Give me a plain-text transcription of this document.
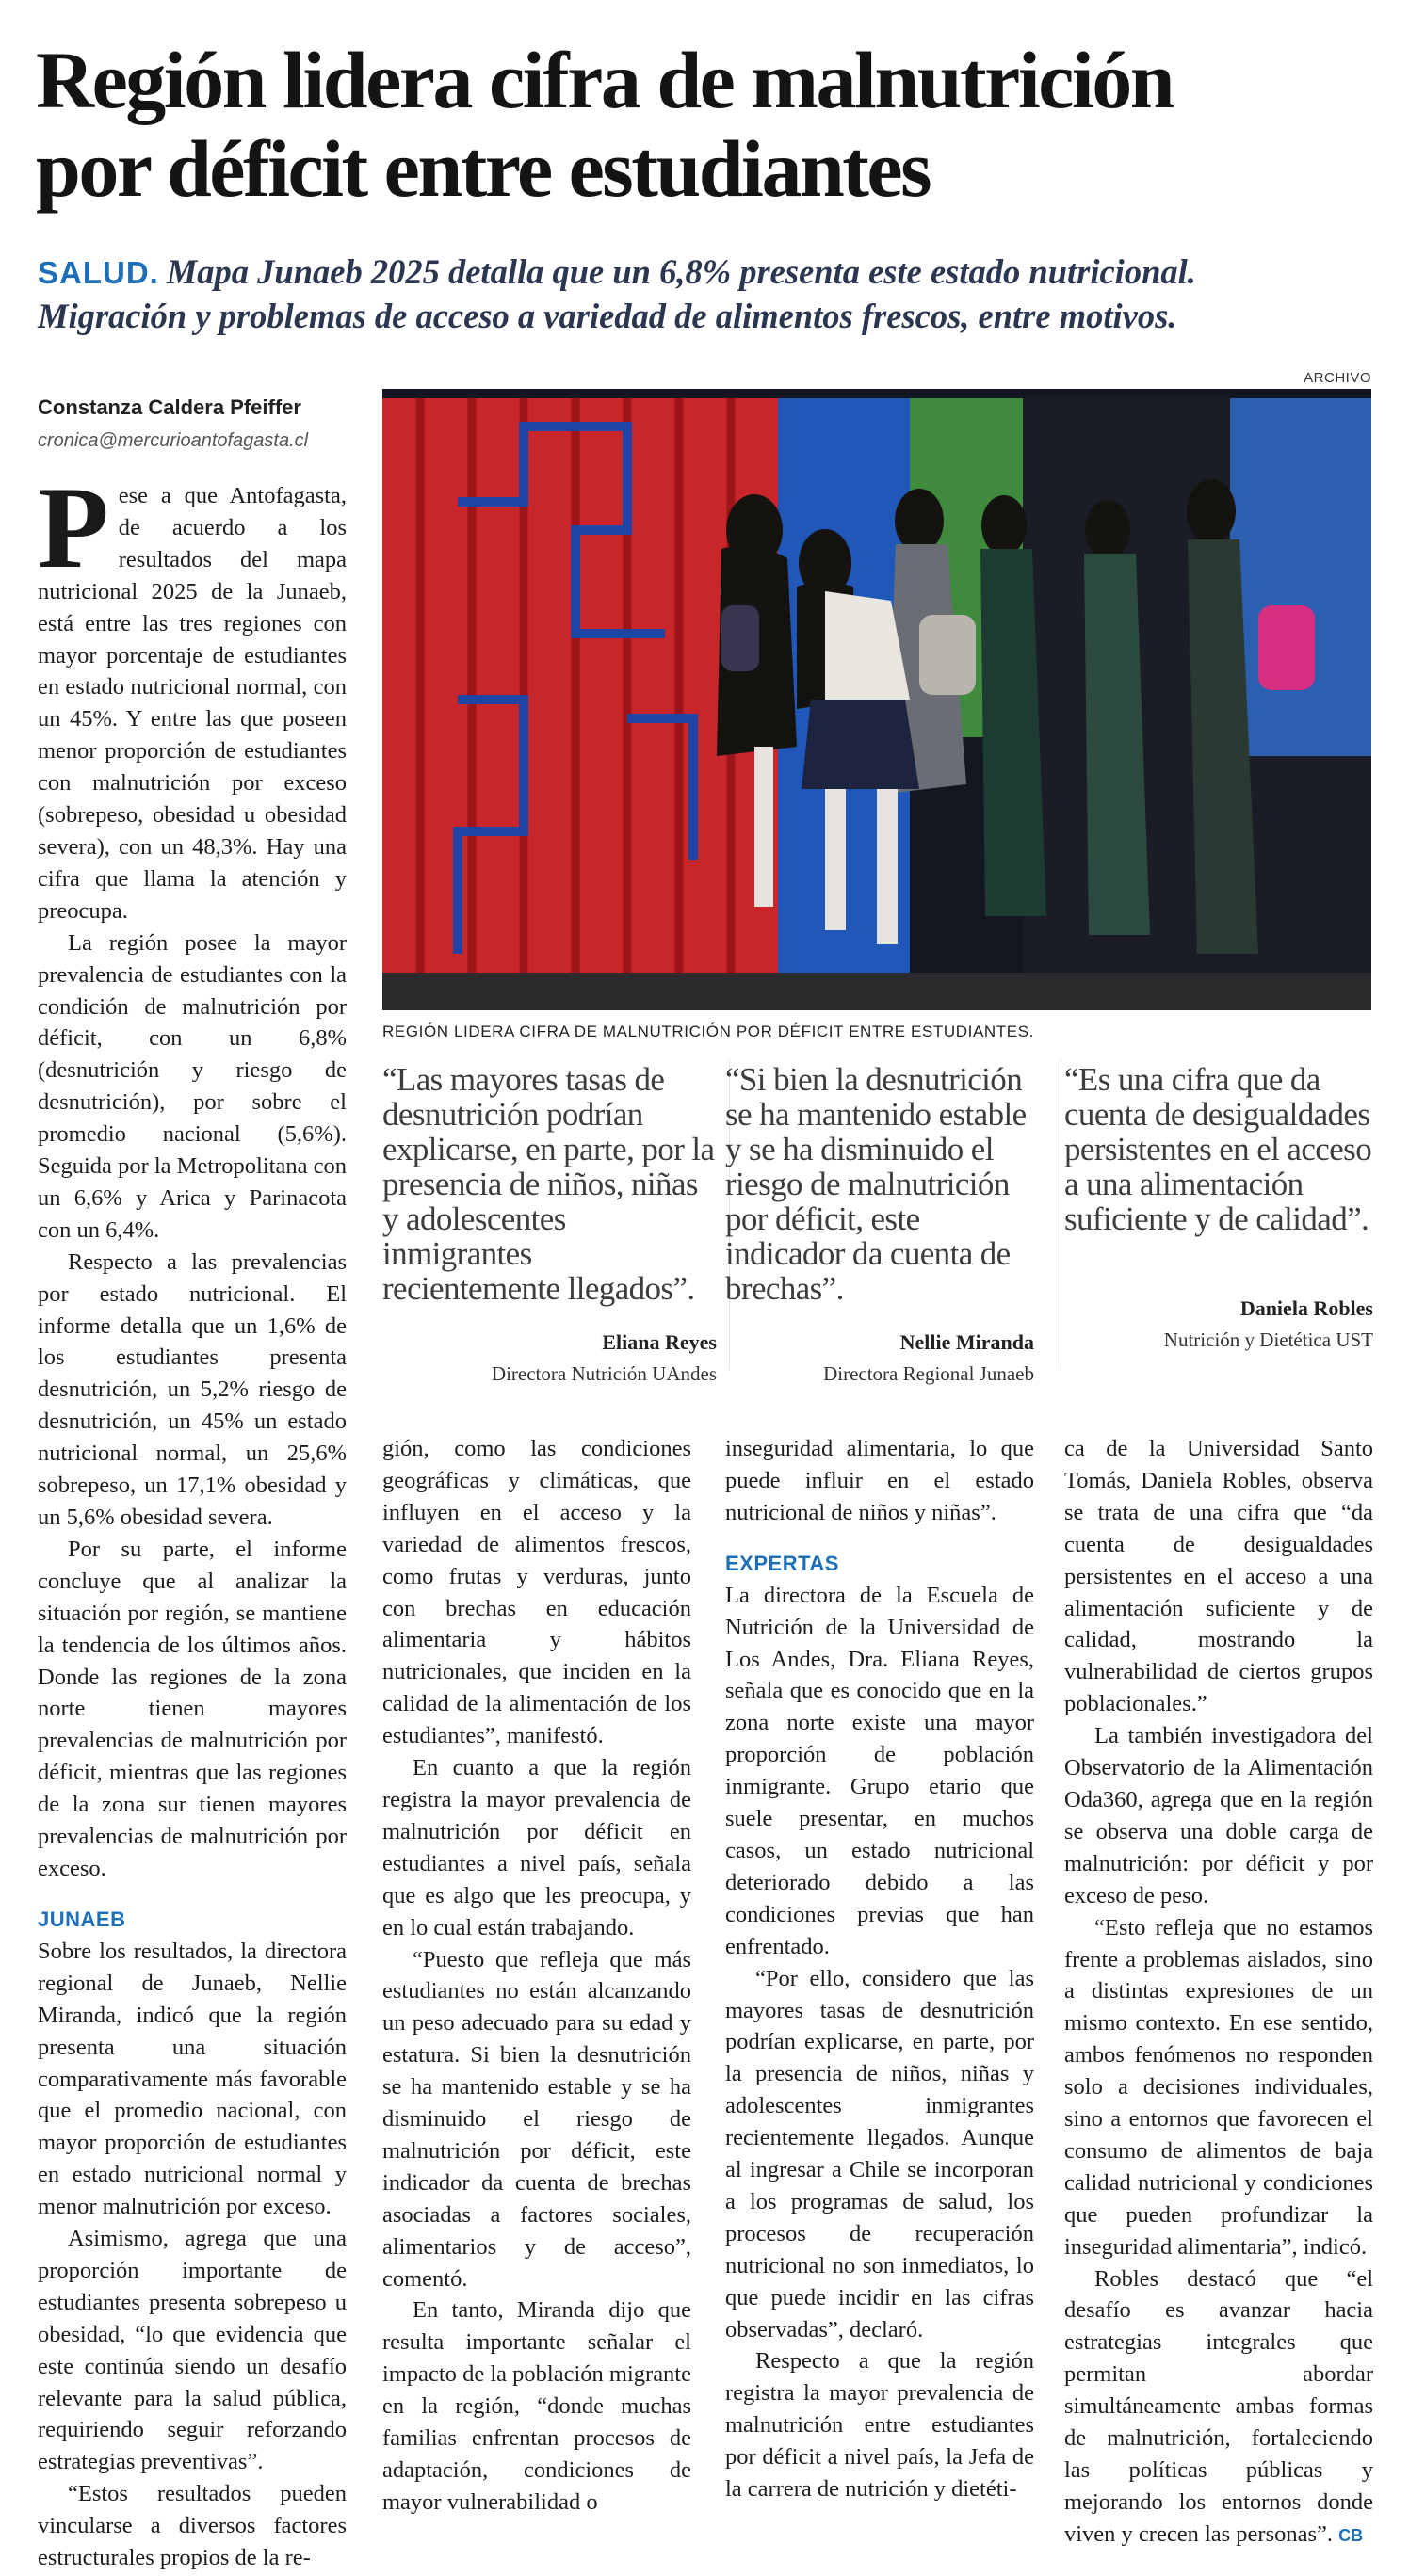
Región lidera cifra de malnutrición
por déficit entre estudiantes
SALUD. Mapa Junaeb 2025 detalla que un 6,8% presenta este estado nutricional.
Migración y problemas de acceso a variedad de alimentos frescos, entre motivos.
ARCHIVO
Constanza Caldera Pfeiffer
cronica@mercurioantofagasta.cl
REGIÓN LIDERA CIFRA DE MALNUTRICIÓN POR DÉFICIT ENTRE ESTUDIANTES.
“Las mayores tasas de desnutrición podrían explicarse, en parte, por la presencia de niños, niñas y adolescentes inmigrantes recientemente llegados”.
Eliana Reyes
Directora Nutrición UAndes
“Si bien la desnutrición se ha mantenido estable y se ha disminuido el riesgo de malnutrición por déficit, este indicador da cuenta de brechas”.
Nellie Miranda
Directora Regional Junaeb
“Es una cifra que da cuenta de desigualdades persistentes en el acceso a una alimentación suficiente y de calidad”.
Daniela Robles
Nutrición y Dietética UST

Pese a que Antofagasta, de acuerdo a los resultados del mapa nutricional 2025 de la Junaeb, está entre las tres regiones con mayor porcentaje de estudiantes en estado nutricional normal, con un 45%. Y entre las que poseen menor proporción de estudiantes con malnutrición por exceso (sobrepeso, obesidad u obesidad severa), con un 48,3%. Hay una cifra que llama la atención y preocupa.

La región posee la mayor prevalencia de estudiantes con la condición de malnutrición por déficit, con un 6,8% (desnutrición y riesgo de desnutrición), por sobre el promedio nacional (5,6%). Seguida por la Metropolitana con un 6,6% y Arica y Parinacota con un 6,4%.

Respecto a las prevalencias por estado nutricional. El informe detalla que un 1,6% de los estudiantes presenta desnutrición, un 5,2% riesgo de desnutrición, un 45% un estado nutricional normal, un 25,6% sobrepeso, un 17,1% obesidad y un 5,6% obesidad severa.

Por su parte, el informe concluye que al analizar la situación por región, se mantiene la tendencia de los últimos años. Donde las regiones de la zona norte tienen mayores prevalencias de malnutrición por déficit, mientras que las regiones de la zona sur tienen mayores prevalencias de malnutrición por exceso.

JUNAEB

Sobre los resultados, la directora regional de Junaeb, Nellie Miranda, indicó que la región presenta una situación comparativamente más favorable que el promedio nacional, con mayor proporción de estudiantes en estado nutricional normal y menor malnutrición por exceso.

Asimismo, agrega que una proporción importante de estudiantes presenta sobrepeso u obesidad, “lo que evidencia que este continúa siendo un desafío relevante para la salud pública, requiriendo seguir reforzando estrategias preventivas”.

“Estos resultados pueden vincularse a diversos factores estructurales propios de la re-

gión, como las condiciones geográficas y climáticas, que influyen en el acceso y la variedad de alimentos frescos, como frutas y verduras, junto con brechas en educación alimentaria y hábitos nutricionales, que inciden en la calidad de la alimentación de los estudiantes”, manifestó.

En cuanto a que la región registra la mayor prevalencia de malnutrición por déficit en estudiantes a nivel país, señala que es algo que les preocupa, y en lo cual están trabajando.

“Puesto que refleja que más estudiantes no están alcanzando un peso adecuado para su edad y estatura. Si bien la desnutrición se ha mantenido estable y se ha disminuido el riesgo de malnutrición por déficit, este indicador da cuenta de brechas asociadas a factores sociales, alimentarios y de acceso”, comentó.

En tanto, Miranda dijo que resulta importante señalar el impacto de la población migrante en la región, “donde muchas familias enfrentan procesos de adaptación, condiciones de mayor vulnerabilidad o

inseguridad alimentaria, lo que puede influir en el estado nutricional de niños y niñas”.

EXPERTAS

La directora de la Escuela de Nutrición de la Universidad de Los Andes, Dra. Eliana Reyes, señala que es conocido que en la zona norte existe una mayor proporción de población inmigrante. Grupo etario que suele presentar, en muchos casos, un estado nutricional deteriorado debido a las condiciones previas que han enfrentado.

“Por ello, considero que las mayores tasas de desnutrición podrían explicarse, en parte, por la presencia de niños, niñas y adolescentes inmigrantes recientemente llegados. Aunque al ingresar a Chile se incorporan a los programas de salud, los procesos de recuperación nutricional no son inmediatos, lo que puede incidir en las cifras observadas”, declaró.

Respecto a que la región registra la mayor prevalencia de malnutrición entre estudiantes por déficit a nivel país, la Jefa de la carrera de nutrición y dietéti-

ca de la Universidad Santo Tomás, Daniela Robles, observa se trata de una cifra que “da cuenta de desigualdades persistentes en el acceso a una alimentación suficiente y de calidad, mostrando la vulnerabilidad de ciertos grupos poblacionales.”

La también investigadora del Observatorio de la Alimentación Oda360, agrega que en la región se observa una doble carga de malnutrición: por déficit y por exceso de peso.

“Esto refleja que no estamos frente a problemas aislados, sino a distintas expresiones de un mismo contexto. En ese sentido, ambos fenómenos no responden solo a decisiones individuales, sino a entornos que favorecen el consumo de alimentos de baja calidad nutricional y condiciones que pueden profundizar la inseguridad alimentaria”, indicó.

Robles destacó que “el desafío es avanzar hacia estrategias integrales que permitan abordar simultáneamente ambas formas de malnutrición, fortaleciendo las políticas públicas y mejorando los entornos donde viven y crecen las personas”. CB
